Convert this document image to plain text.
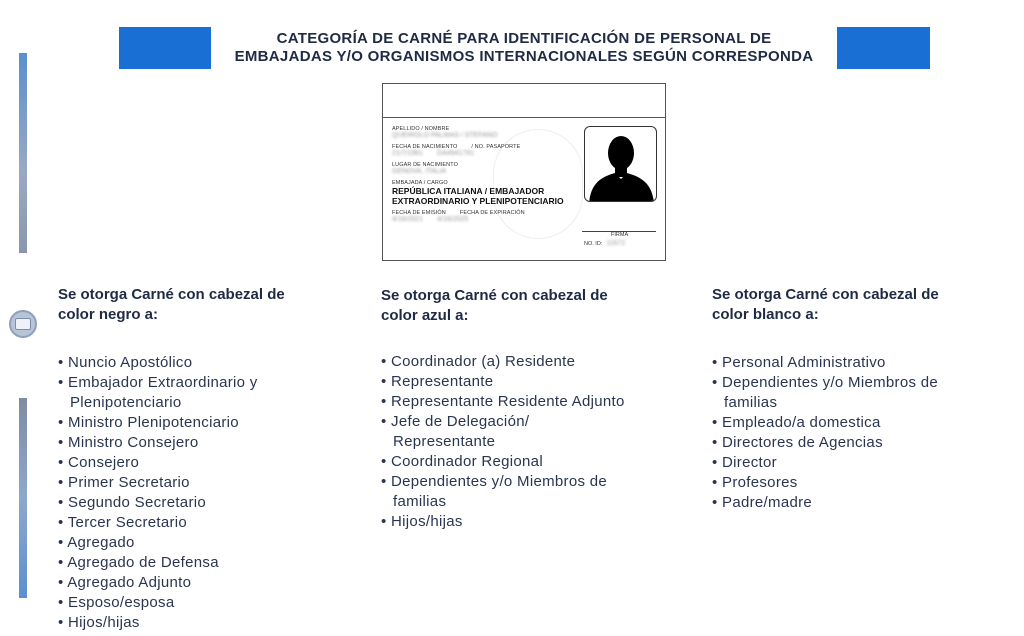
CATEGORÍA DE CARNÉ PARA IDENTIFICACIÓN DE PERSONAL DE
EMBAJADAS Y/O ORGANISMOS INTERNACIONALES SEGÚN CORRESPONDA
APELLIDO / NOMBRE
QUEIROLO PALMAS / STEFANO
FECHA DE NACIMIENTO	/ NO. PASAPORTE
21/7/1961 DA4941791
LUGAR DE NACIMIENTO
GENOVA, ITALIA
EMBAJADA / CARGO
REPÚBLICA ITALIANA / EMBAJADOR
EXTRAORDINARIO Y PLENIPOTENCIARIO
FECHA DE EMISIÓN	FECHA DE EXPIRACIÓN
4/16/2021 4/16/2025
FIRMA
NO. ID: 11672
Se otorga Carné con cabezal de
color negro a:
• Nuncio Apostólico
• Embajador Extraordinario y Plenipotenciario
• Ministro Plenipotenciario
• Ministro Consejero
• Consejero
• Primer Secretario
• Segundo Secretario
• Tercer Secretario
• Agregado
• Agregado de Defensa
• Agregado Adjunto
• Esposo/esposa
• Hijos/hijas
Se otorga Carné con cabezal de
color azul a:
• Coordinador (a) Residente
• Representante
• Representante Residente Adjunto
• Jefe de Delegación/ Representante
• Coordinador Regional
• Dependientes y/o Miembros de familias
• Hijos/hijas
Se otorga Carné con cabezal de
color blanco a:
• Personal Administrativo
• Dependientes y/o Miembros de familias
• Empleado/a domestica
• Directores de Agencias
• Director
• Profesores
• Padre/madre
